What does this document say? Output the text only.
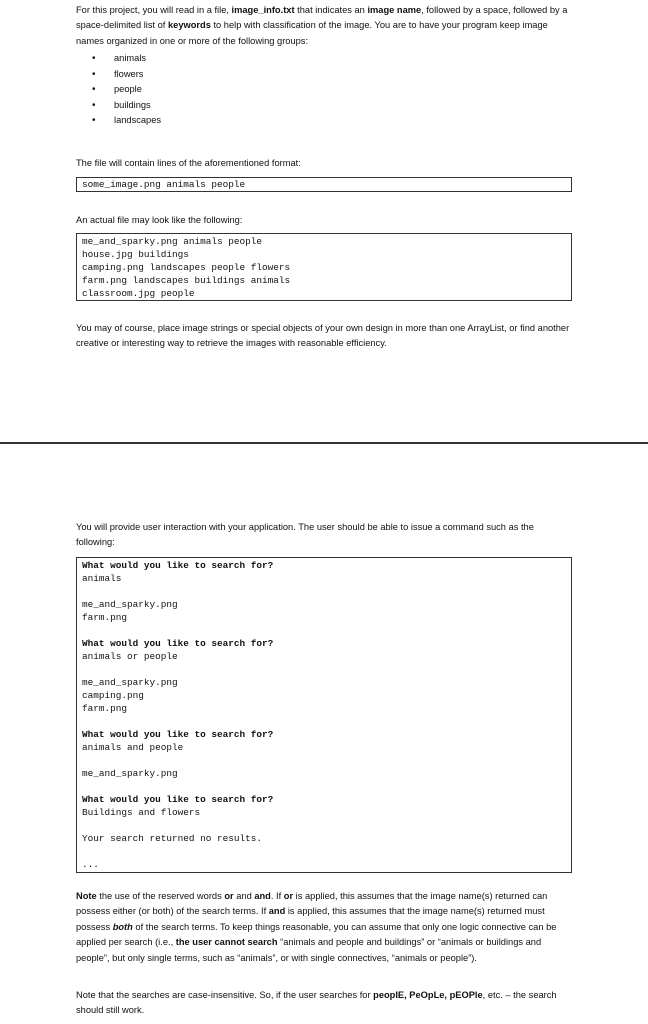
For this project, you will read in a file, image_info.txt that indicates an image name, followed by a space, followed by a space-delimited list of keywords to help with classification of the image. You are to have your program keep image names organized in one or more of the following groups:
• animals
• flowers
• people
• buildings
• landscapes
The file will contain lines of the aforementioned format:
some_image.png animals people
An actual file may look like the following:
me_and_sparky.png animals people
house.jpg buildings
camping.png landscapes people flowers
farm.png landscapes buildings animals
classroom.jpg people
You may of course, place image strings or special objects of your own design in more than one ArrayList, or find another creative or interesting way to retrieve the images with reasonable efficiency.
You will provide user interaction with your application. The user should be able to issue a command such as the following:
What would you like to search for?
animals
me_and_sparky.png
farm.png
What would you like to search for?
animals or people
me_and_sparky.png
camping.png
farm.png
What would you like to search for?
animals and people
me_and_sparky.png
What would you like to search for?
Buildings and flowers
Your search returned no results.
...
Note the use of the reserved words or and and. If or is applied, this assumes that the image name(s) returned can possess either (or both) of the search terms. If and is applied, this assumes that the image name(s) returned must possess both of the search terms. To keep things reasonable, you can assume that only one logic connective can be applied per search (i.e., the user cannot search “animals and people and buildings” or “animals or buildings and people”, but only single terms, such as “animals”, or with single connectives, “animals or people”).
Note that the searches are case-insensitive. So, if the user searches for peoplE, PeOpLe, pEOPle, etc. – the search should still work.
